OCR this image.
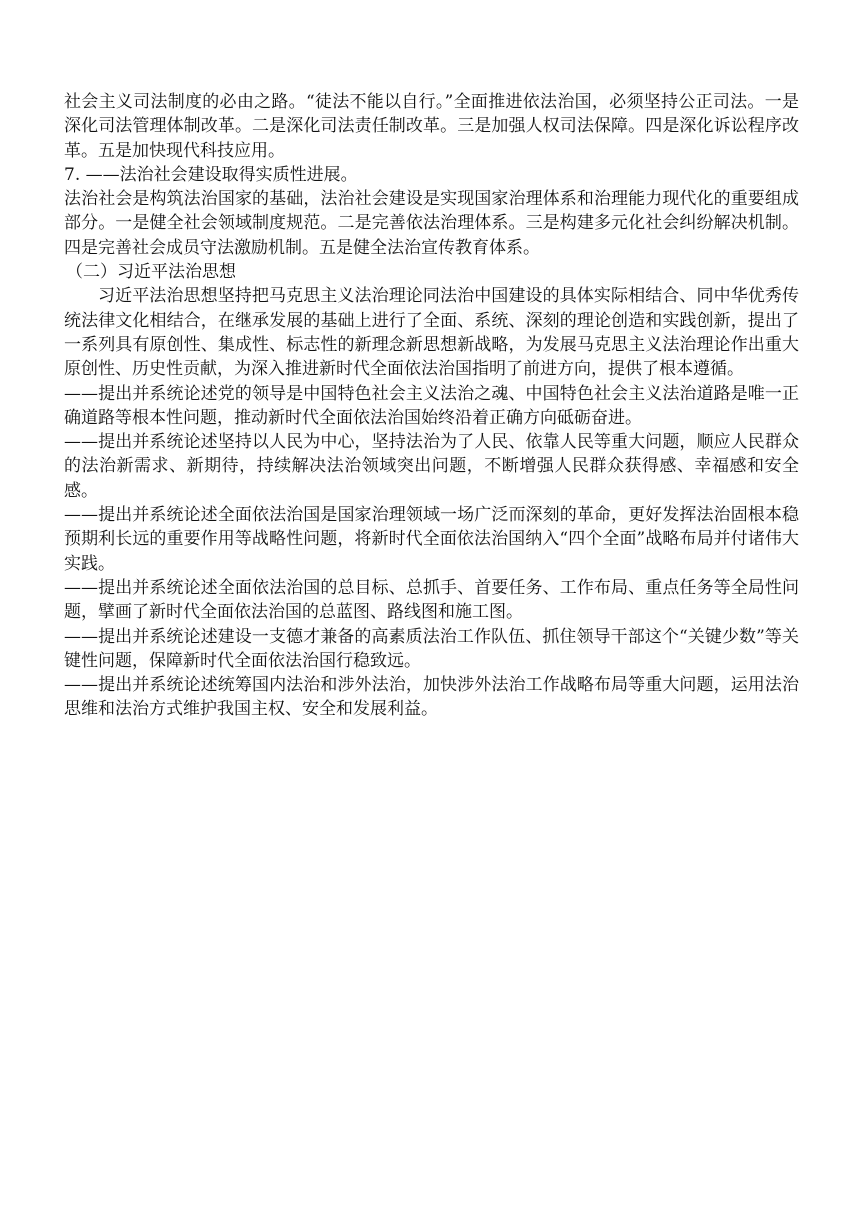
社会主义司法制度的必由之路。“徒法不能以自行。”全面推进依法治国，必须坚持公正司法。一是深化司法管理体制改革。二是深化司法责任制改革。三是加强人权司法保障。四是深化诉讼程序改革。五是加快现代科技应用。

7. ——法治社会建设取得实质性进展。

法治社会是构筑法治国家的基础，法治社会建设是实现国家治理体系和治理能力现代化的重要组成部分。一是健全社会领域制度规范。二是完善依法治理体系。三是构建多元化社会纠纷解决机制。四是完善社会成员守法激励机制。五是健全法治宣传教育体系。

（二）习近平法治思想

习近平法治思想坚持把马克思主义法治理论同法治中国建设的具体实际相结合、同中华优秀传统法律文化相结合，在继承发展的基础上进行了全面、系统、深刻的理论创造和实践创新，提出了一系列具有原创性、集成性、标志性的新理念新思想新战略，为发展马克思主义法治理论作出重大原创性、历史性贡献，为深入推进新时代全面依法治国指明了前进方向，提供了根本遵循。

——提出并系统论述党的领导是中国特色社会主义法治之魂、中国特色社会主义法治道路是唯一正确道路等根本性问题，推动新时代全面依法治国始终沿着正确方向砥砺奋进。

——提出并系统论述坚持以人民为中心，坚持法治为了人民、依靠人民等重大问题，顺应人民群众的法治新需求、新期待，持续解决法治领域突出问题，不断增强人民群众获得感、幸福感和安全感。

——提出并系统论述全面依法治国是国家治理领域一场广泛而深刻的革命，更好发挥法治固根本稳预期利长远的重要作用等战略性问题，将新时代全面依法治国纳入“四个全面”战略布局并付诸伟大实践。

——提出并系统论述全面依法治国的总目标、总抓手、首要任务、工作布局、重点任务等全局性问题，擘画了新时代全面依法治国的总蓝图、路线图和施工图。

——提出并系统论述建设一支德才兼备的高素质法治工作队伍、抓住领导干部这个“关键少数”等关键性问题，保障新时代全面依法治国行稳致远。

——提出并系统论述统筹国内法治和涉外法治，加快涉外法治工作战略布局等重大问题，运用法治思维和法治方式维护我国主权、安全和发展利益。
